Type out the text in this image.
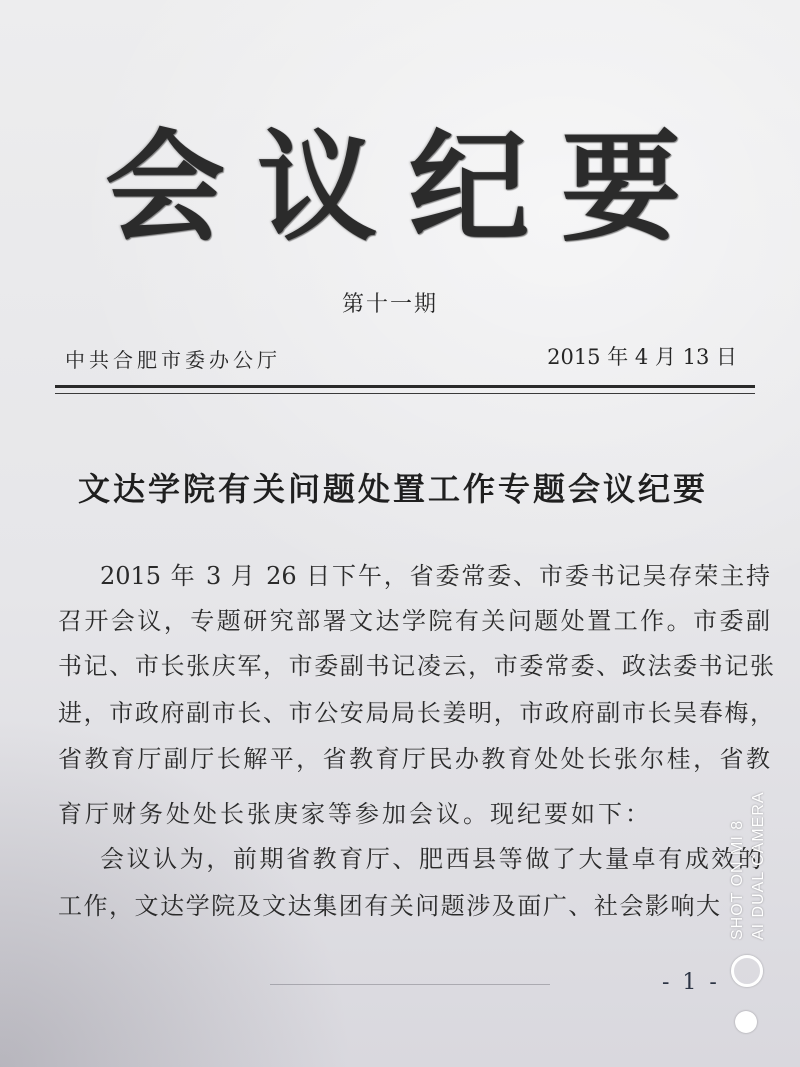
会议纪要
第十一期
中共合肥市委办公厅	2015 年 4 月 13 日
文达学院有关问题处置工作专题会议纪要
2015 年 3 月 26 日下午，省委常委、市委书记吴存荣主持
召开会议，专题研究部署文达学院有关问题处置工作。市委副
书记、市长张庆军，市委副书记凌云，市委常委、政法委书记张
进，市政府副市长、市公安局局长姜明，市政府副市长吴春梅，
省教育厅副厅长解平，省教育厅民办教育处处长张尔桂，省教
育厅财务处处长张庚家等参加会议。现纪要如下：
会议认为，前期省教育厅、肥西县等做了大量卓有成效的
工作，文达学院及文达集团有关问题涉及面广、社会影响大
- 1 -
SHOT ON MI 8 AI DUAL CAMERA
